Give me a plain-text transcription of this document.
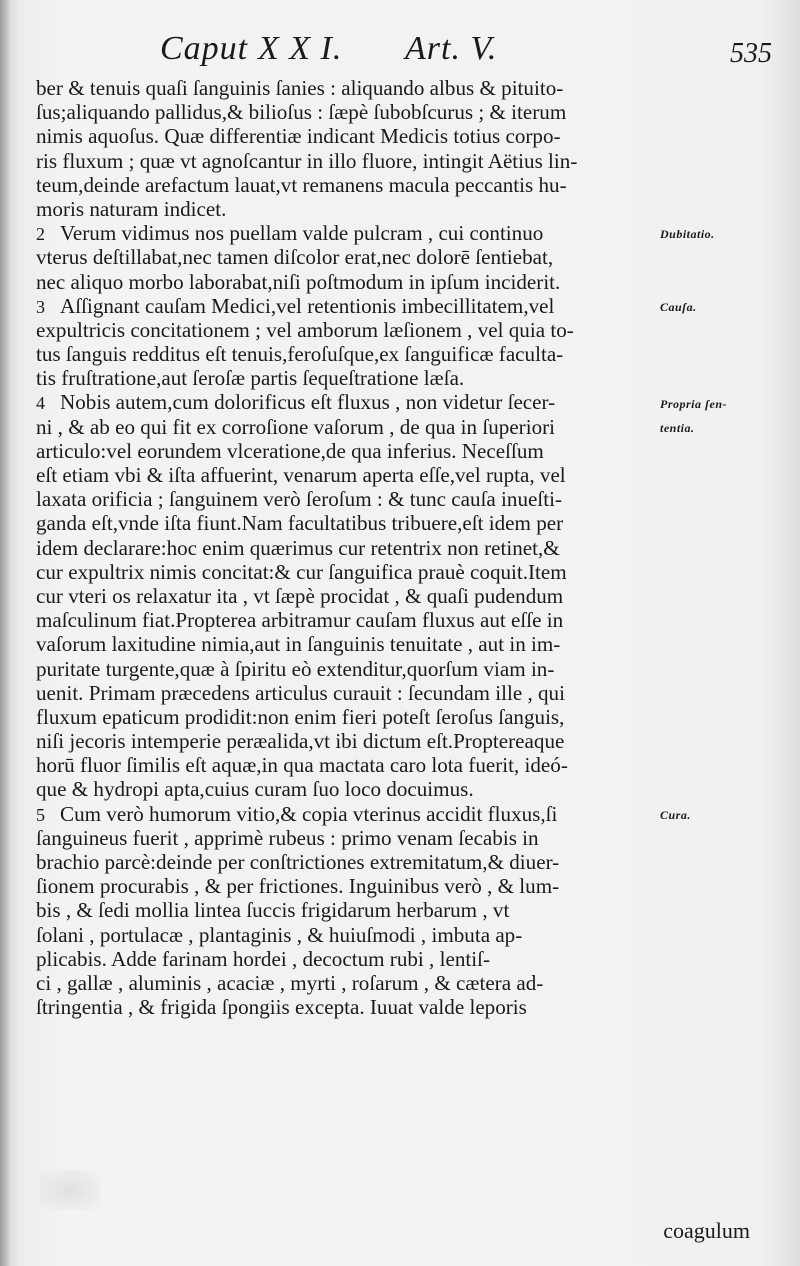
Caput X X I. Art. V.	535
ber & tenuis quaſi ſanguinis ſanies : aliquando albus & pituito-
ſus;aliquando pallidus,& bilioſus : ſæpè ſubobſcurus ; & iterum
nimis aquoſus. Quæ differentiæ indicant Medicis totius corpo-
ris fluxum ; quæ vt agnoſcantur in illo fluore, intingit Aëtius lin-
teum,deinde arefactum lauat,vt remanens macula peccantis hu-
moris naturam indicet.
2 Verum vidimus nos puellam valde pulcram , cui continuo
vterus deſtillabat,nec tamen diſcolor erat,nec dolorē ſentiebat,
nec aliquo morbo laborabat,niſi poſtmodum in ipſum inciderit.
3 Aſſignant cauſam Medici,vel retentionis imbecillitatem,vel
expultricis concitationem ; vel amborum læſionem , vel quia to-
tus ſanguis redditus eſt tenuis,feroſuſque,ex ſanguificæ faculta-
tis fruſtratione,aut ſeroſæ partis ſequeſtratione læſa.
4 Nobis autem,cum dolorificus eſt fluxus , non videtur ſecer-
ni , & ab eo qui fit ex corroſione vaſorum , de qua in ſuperiori
articulo:vel eorundem vlceratione,de qua inferius. Neceſſum
eſt etiam vbi & iſta affuerint, venarum aperta eſſe,vel rupta, vel
laxata orificia ; ſanguinem verò ſeroſum : & tunc cauſa inueſti-
ganda eſt,vnde iſta fiunt.Nam facultatibus tribuere,eſt idem per
idem declarare:hoc enim quærimus cur retentrix non retinet,&
cur expultrix nimis concitat:& cur ſanguifica prauè coquit.Item
cur vteri os relaxatur ita , vt ſæpè procidat , & quaſi pudendum
maſculinum fiat.Propterea arbitramur cauſam fluxus aut eſſe in
vaſorum laxitudine nimia,aut in ſanguinis tenuitate , aut in im-
puritate turgente,quæ à ſpiritu eò extenditur,quorſum viam in-
uenit. Primam præcedens articulus curauit : ſecundam ille , qui
fluxum epaticum prodidit:non enim fieri poteſt ſeroſus ſanguis,
niſi jecoris intemperie peræalida,vt ibi dictum eſt.Proptereaque
horū fluor ſimilis eſt aquæ,in qua mactata caro lota fuerit, ideó-
que & hydropi apta,cuius curam ſuo loco docuimus.
5 Cum verò humorum vitio,& copia vterinus accidit fluxus,ſi
ſanguineus fuerit , apprimè rubeus : primo venam ſecabis in
brachio parcè:deinde per conſtrictiones extremitatum,& diuer-
ſionem procurabis , & per frictiones. Inguinibus verò , & lum-
bis , & ſedi mollia lintea ſuccis frigidarum herbarum , vt
ſolani , portulacæ , plantaginis , & huiuſmodi , imbuta ap-
plicabis. Adde farinam hordei , decoctum rubi , lentiſ-
ci , gallæ , aluminis , acaciæ , myrti , roſarum , & cætera ad-
ſtringentia , & frigida ſpongiis excepta. Iuuat valde leporis
Dubitatio.
Cauſa.
Propria ſen-
tentia.
Cura.
coagulum
